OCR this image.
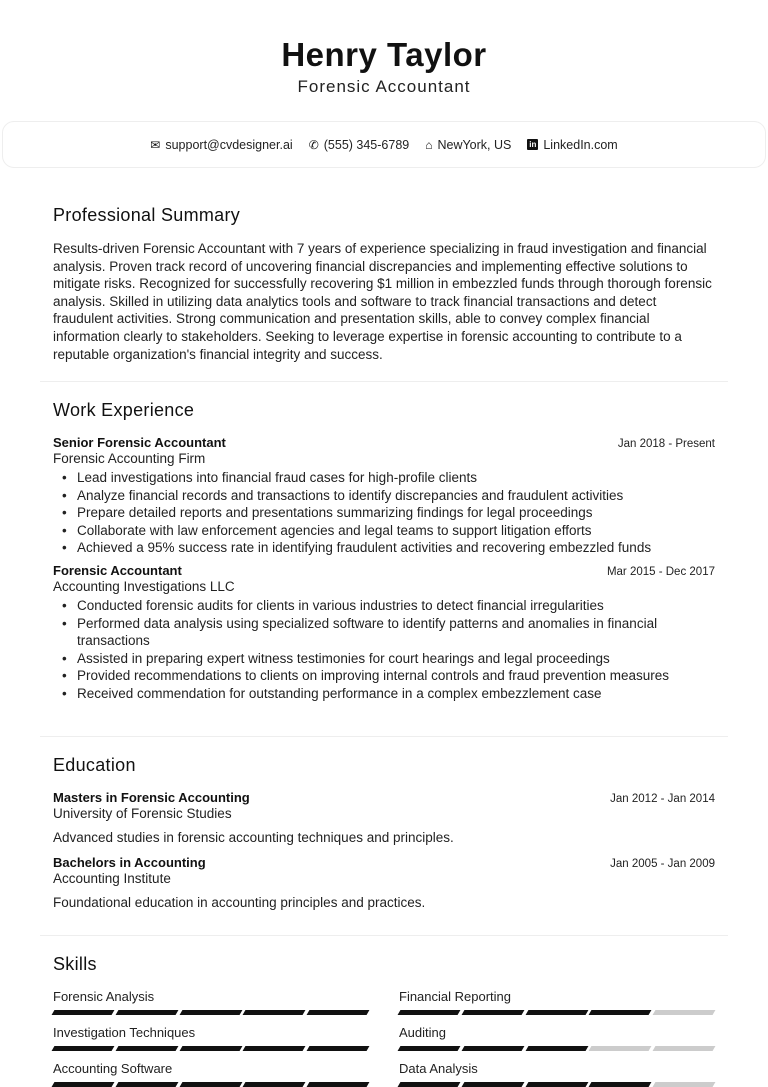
Henry Taylor
Forensic Accountant
✉ support@cvdesigner.ai ✆ (555) 345-6789 ⌂ NewYork, US in LinkedIn.com
Professional Summary

Results-driven Forensic Accountant with 7 years of experience specializing in fraud investigation and financial analysis. Proven track record of uncovering financial discrepancies and implementing effective solutions to mitigate risks. Recognized for successfully recovering $1 million in embezzled funds through thorough forensic analysis. Skilled in utilizing data analytics tools and software to track financial transactions and detect fraudulent activities. Strong communication and presentation skills, able to convey complex financial information clearly to stakeholders. Seeking to leverage expertise in forensic accounting to contribute to a reputable organization's financial integrity and success.

Work Experience
Senior Forensic Accountant	Jan 2018 - Present
Forensic Accounting Firm
• Lead investigations into financial fraud cases for high-profile clients
• Analyze financial records and transactions to identify discrepancies and fraudulent activities
• Prepare detailed reports and presentations summarizing findings for legal proceedings
• Collaborate with law enforcement agencies and legal teams to support litigation efforts
• Achieved a 95% success rate in identifying fraudulent activities and recovering embezzled funds
Forensic Accountant	Mar 2015 - Dec 2017
Accounting Investigations LLC
• Conducted forensic audits for clients in various industries to detect financial irregularities
• Performed data analysis using specialized software to identify patterns and anomalies in financial transactions
• Assisted in preparing expert witness testimonies for court hearings and legal proceedings
• Provided recommendations to clients on improving internal controls and fraud prevention measures
• Received commendation for outstanding performance in a complex embezzlement case
Education
Masters in Forensic Accounting	Jan 2012 - Jan 2014
University of Forensic Studies
Advanced studies in forensic accounting techniques and principles.
Bachelors in Accounting	Jan 2005 - Jan 2009
Accounting Institute
Foundational education in accounting principles and practices.
Skills
Forensic Analysis	Financial Reporting
Investigation Techniques	Auditing
Accounting Software	Data Analysis
